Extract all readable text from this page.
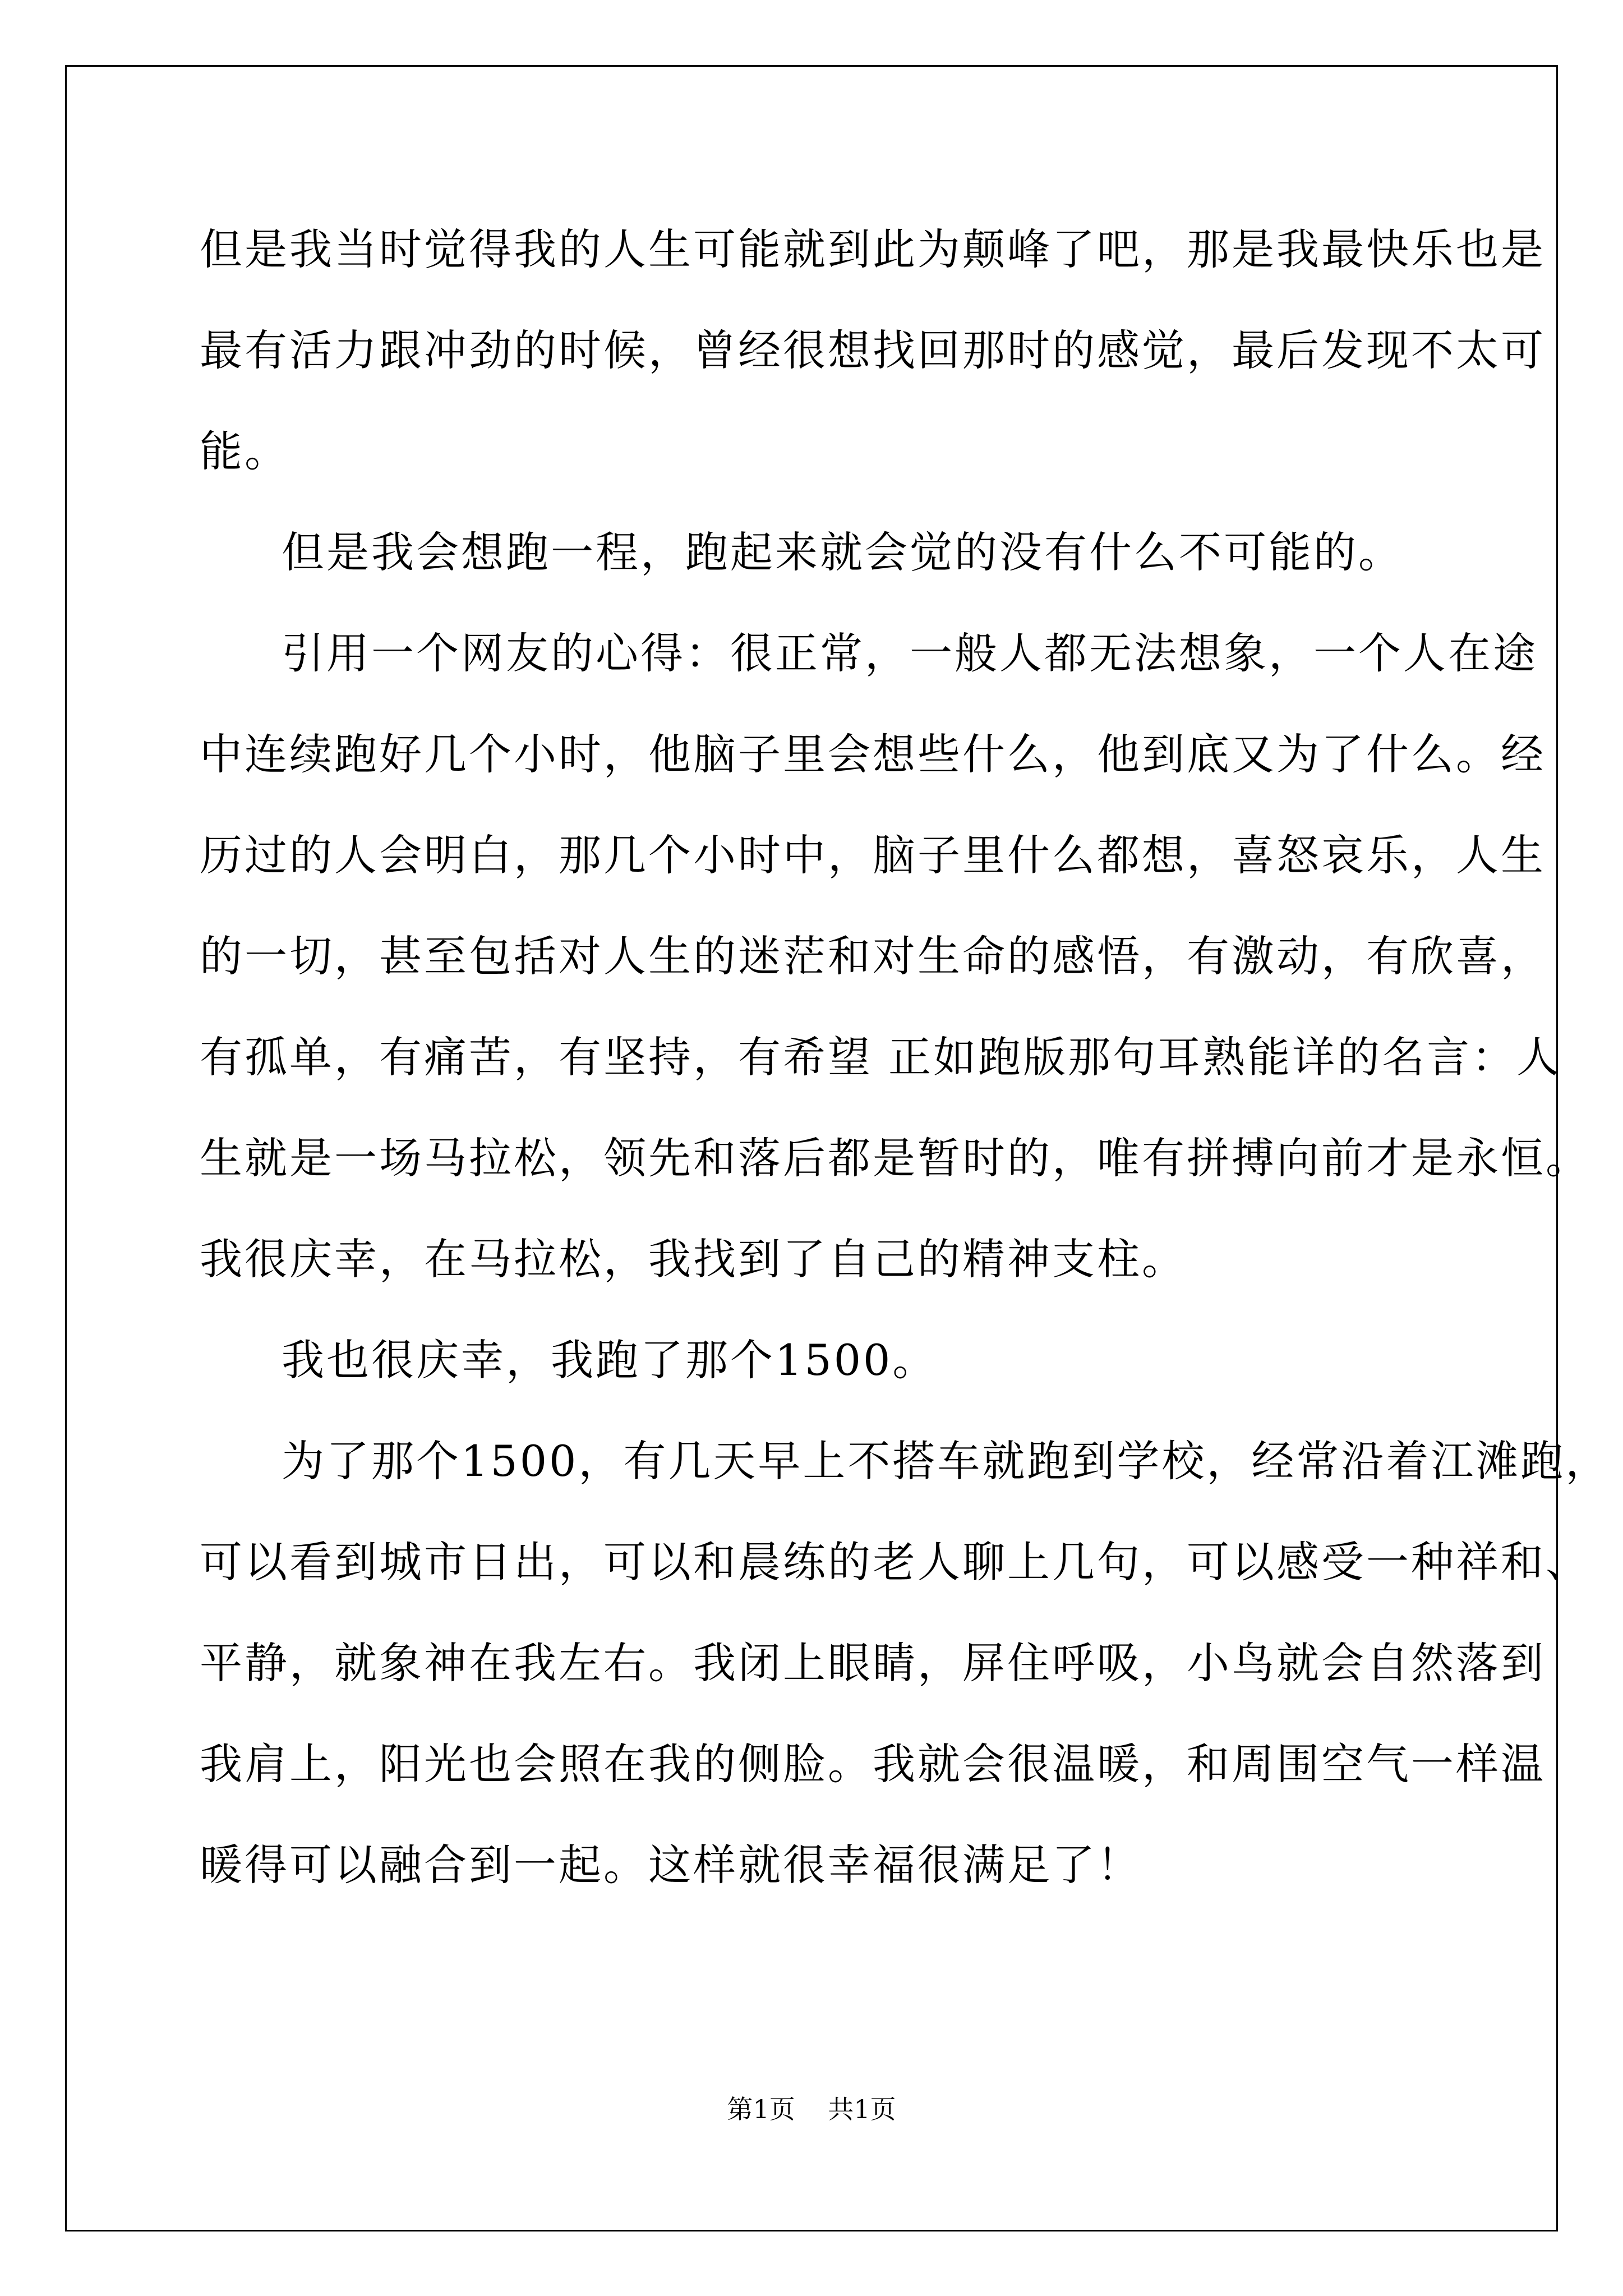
但是我当时觉得我的人生可能就到此为颠峰了吧，那是我最快乐也是
最有活力跟冲劲的时候，曾经很想找回那时的感觉，最后发现不太可
能。
但是我会想跑一程，跑起来就会觉的没有什么不可能的。
引用一个网友的心得：很正常，一般人都无法想象，一个人在途
中连续跑好几个小时，他脑子里会想些什么，他到底又为了什么。经
历过的人会明白，那几个小时中，脑子里什么都想，喜怒哀乐，人生
的一切，甚至包括对人生的迷茫和对生命的感悟，有激动，有欣喜，
有孤单，有痛苦，有坚持，有希望 正如跑版那句耳熟能详的名言：人
生就是一场马拉松，领先和落后都是暂时的，唯有拼搏向前才是永恒。
我很庆幸，在马拉松，我找到了自己的精神支柱。
我也很庆幸，我跑了那个1500。
为了那个1500，有几天早上不搭车就跑到学校，经常沿着江滩跑，
可以看到城市日出，可以和晨练的老人聊上几句，可以感受一种祥和、
平静，就象神在我左右。我闭上眼睛，屏住呼吸，小鸟就会自然落到
我肩上，阳光也会照在我的侧脸。我就会很温暖，和周围空气一样温
暖得可以融合到一起。这样就很幸福很满足了！
第1页    共1页
